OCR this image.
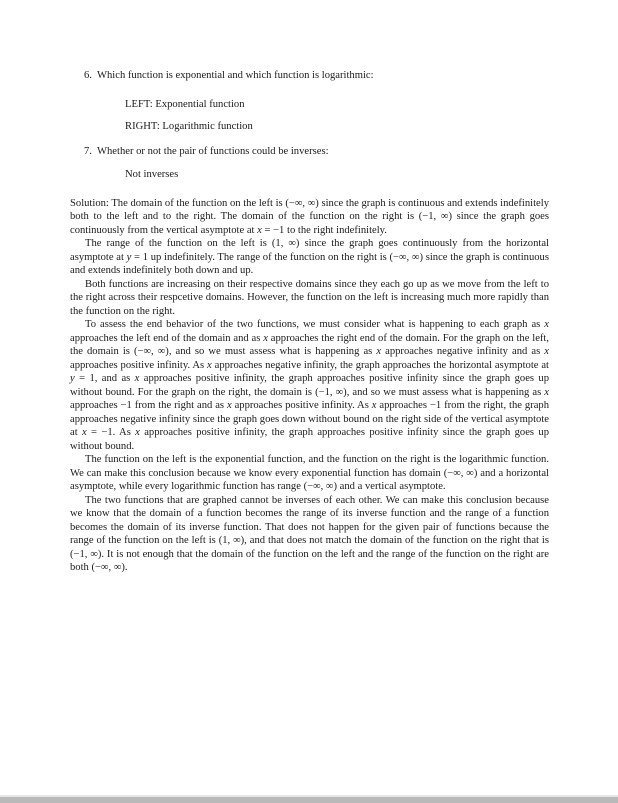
6. Which function is exponential and which function is logarithmic:
LEFT: Exponential function
RIGHT: Logarithmic function
7. Whether or not the pair of functions could be inverses:
Not inverses

Solution: The domain of the function on the left is (−∞, ∞) since the graph is continuous and extends indefinitely both to the left and to the right. The domain of the function on the right is (−1, ∞) since the graph goes continuously from the vertical asymptote at x = −1 to the right indefinitely.

The range of the function on the left is (1, ∞) since the graph goes continuously from the horizontal asymptote at y = 1 up indefinitely. The range of the function on the right is (−∞, ∞) since the graph is continuous and extends indefinitely both down and up.

Both functions are increasing on their respective domains since they each go up as we move from the left to the right across their respcetive domains. However, the function on the left is increasing much more rapidly than the function on the right.

To assess the end behavior of the two functions, we must consider what is happening to each graph as x approaches the left end of the domain and as x approaches the right end of the domain. For the graph on the left, the domain is (−∞, ∞), and so we must assess what is happening as x approaches negative infinity and as x approaches positive infinity. As x approaches negative infinity, the graph approaches the horizontal asymptote at y = 1, and as x approaches positive infinity, the graph approaches positive infinity since the graph goes up without bound. For the graph on the right, the domain is (−1, ∞), and so we must assess what is happening as x approaches −1 from the right and as x approaches positive infinity. As x approaches −1 from the right, the graph approaches negative infinity since the graph goes down without bound on the right side of the vertical asymptote at x = −1. As x approaches positive infinity, the graph approaches positive infinity since the graph goes up without bound.

The function on the left is the exponential function, and the function on the right is the logarithmic function. We can make this conclusion because we know every exponential function has domain (−∞, ∞) and a horizontal asymptote, while every logarithmic function has range (−∞, ∞) and a vertical asymptote.

The two functions that are graphed cannot be inverses of each other. We can make this conclusion because we know that the domain of a function becomes the range of its inverse function and the range of a function becomes the domain of its inverse function. That does not happen for the given pair of functions because the range of the function on the left is (1, ∞), and that does not match the domain of the function on the right that is (−1, ∞). It is not enough that the domain of the function on the left and the range of the function on the right are both (−∞, ∞).
